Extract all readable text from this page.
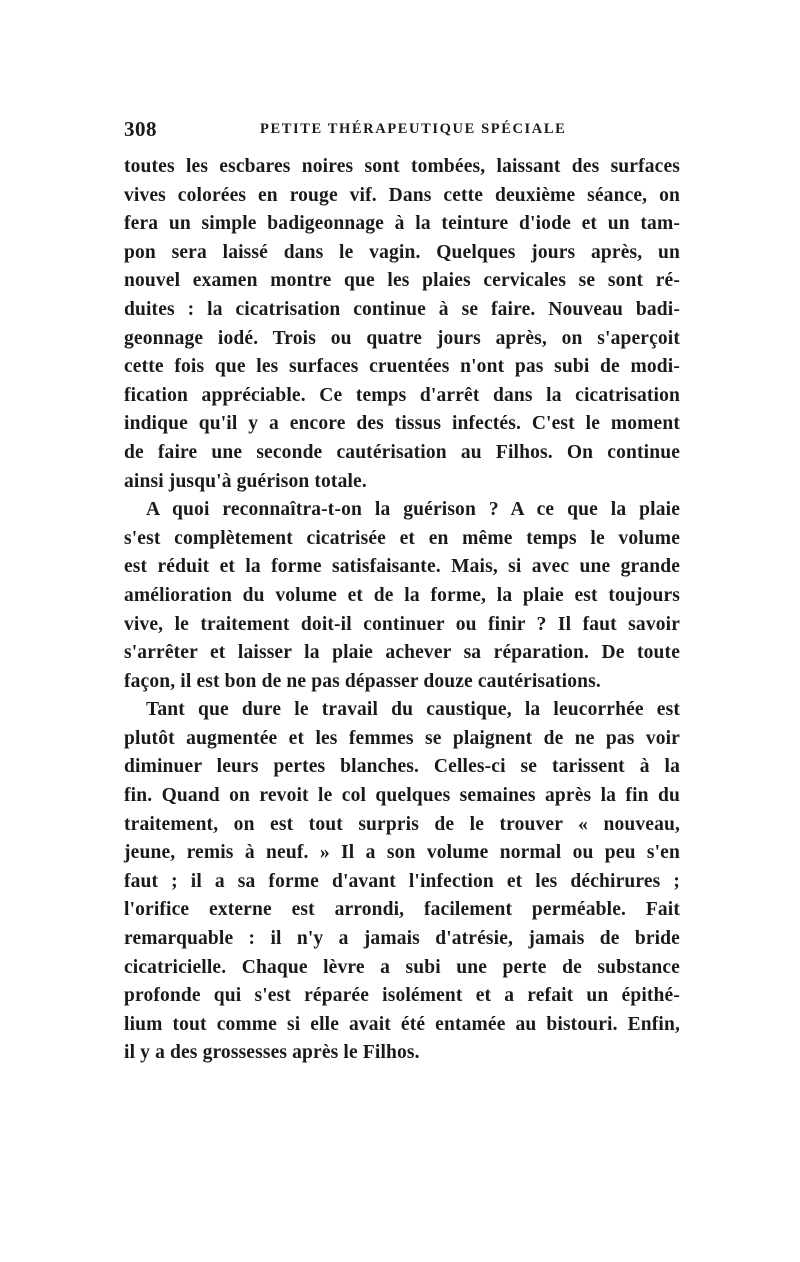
308	PETITE THÉRAPEUTIQUE SPÉCIALE
toutes les escbares noires sont tombées, laissant des surfaces
vives colorées en rouge vif. Dans cette deuxième séance, on
fera un simple badigeonnage à la teinture d'iode et un tam-
pon sera laissé dans le vagin. Quelques jours après, un
nouvel examen montre que les plaies cervicales se sont ré-
duites : la cicatrisation continue à se faire. Nouveau badi-
geonnage iodé. Trois ou quatre jours après, on s'aperçoit
cette fois que les surfaces cruentées n'ont pas subi de modi-
fication appréciable. Ce temps d'arrêt dans la cicatrisation
indique qu'il y a encore des tissus infectés. C'est le moment
de faire une seconde cautérisation au Filhos. On continue
ainsi jusqu'à guérison totale.
A quoi reconnaîtra-t-on la guérison ? A ce que la plaie
s'est complètement cicatrisée et en même temps le volume
est réduit et la forme satisfaisante. Mais, si avec une grande
amélioration du volume et de la forme, la plaie est toujours
vive, le traitement doit-il continuer ou finir ? Il faut savoir
s'arrêter et laisser la plaie achever sa réparation. De toute
façon, il est bon de ne pas dépasser douze cautérisations.
Tant que dure le travail du caustique, la leucorrhée est
plutôt augmentée et les femmes se plaignent de ne pas voir
diminuer leurs pertes blanches. Celles-ci se tarissent à la
fin. Quand on revoit le col quelques semaines après la fin du
traitement, on est tout surpris de le trouver « nouveau,
jeune, remis à neuf. » Il a son volume normal ou peu s'en
faut ; il a sa forme d'avant l'infection et les déchirures ;
l'orifice externe est arrondi, facilement perméable. Fait
remarquable : il n'y a jamais d'atrésie, jamais de bride
cicatricielle. Chaque lèvre a subi une perte de substance
profonde qui s'est réparée isolément et a refait un épithé-
lium tout comme si elle avait été entamée au bistouri. Enfin,
il y a des grossesses après le Filhos.
